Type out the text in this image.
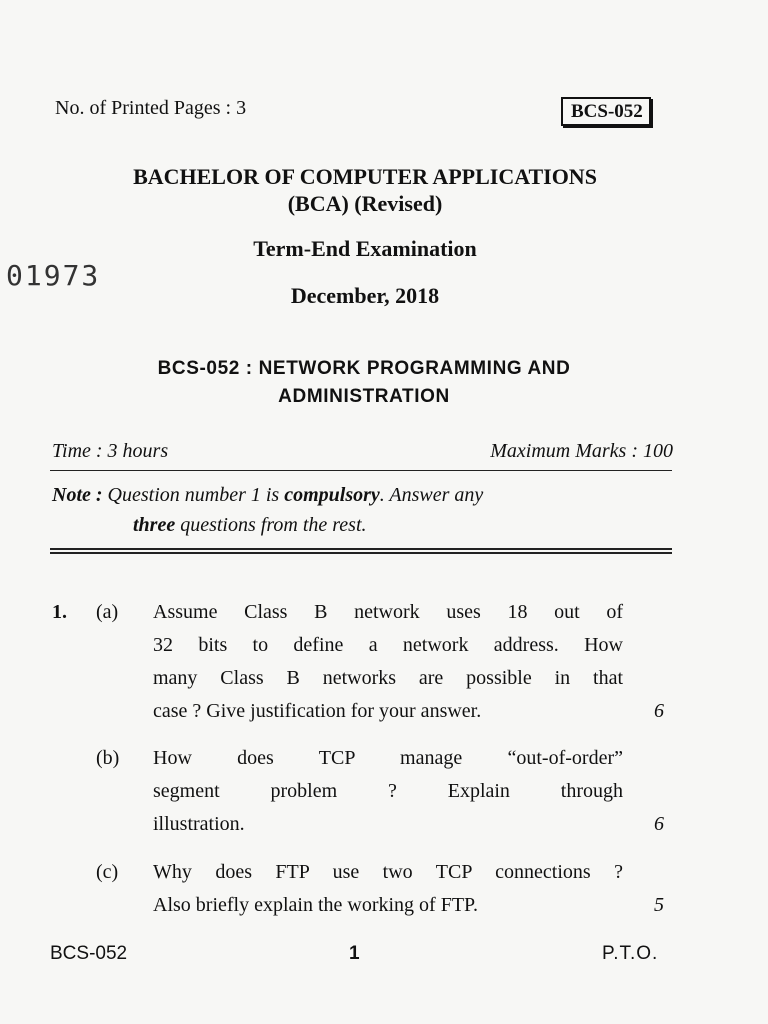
No. of Printed Pages : 3	BCS-052
BACHELOR OF COMPUTER APPLICATIONS
(BCA) (Revised)
Term-End Examination
01973
December, 2018
BCS-052 : NETWORK PROGRAMMING AND
ADMINISTRATION
Time : 3 hours	Maximum Marks : 100
Note : Question number 1 is compulsory. Answer any
three questions from the rest.
1. (a) Assume Class B network uses 18 out of
32 bits to define a network address. How
many Class B networks are possible in that
case ? Give justification for your answer.	6
(b) How does TCP manage “out-of-order”
segment problem ? Explain through
illustration.	6
(c) Why does FTP use two TCP connections ?
Also briefly explain the working of FTP.	5
BCS-052	1	P.T.O.
